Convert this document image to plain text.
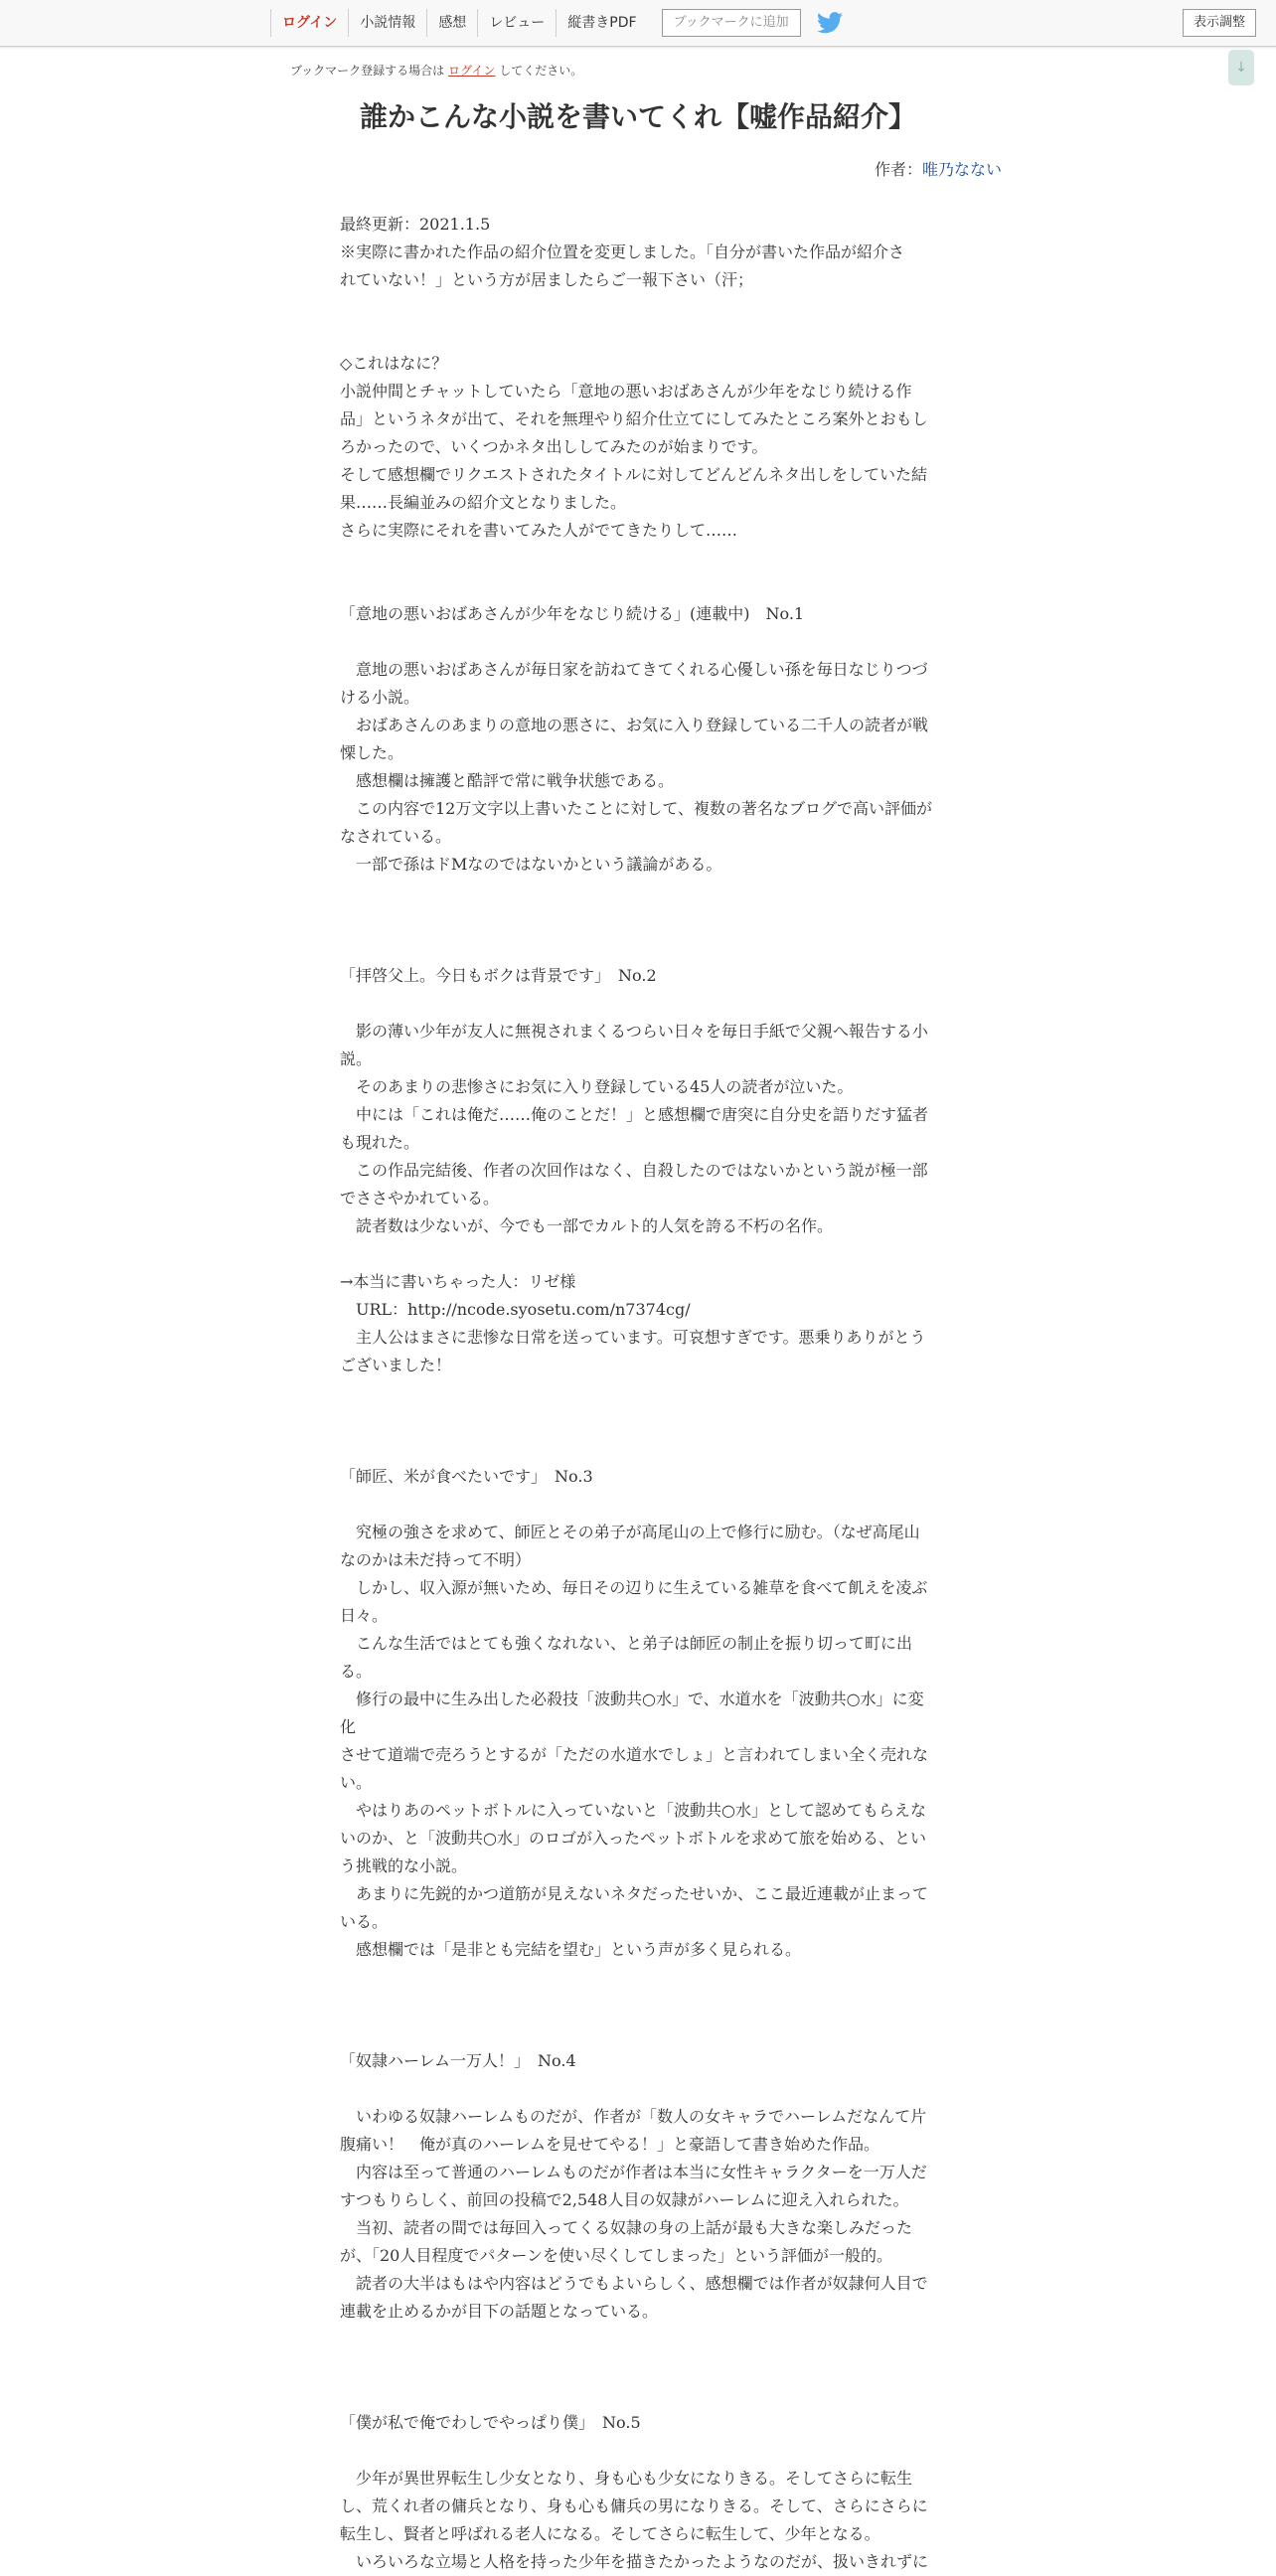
ログイン	小説情報	感想	レビュー	縦書きPDF	ブックマークに追加	表示調整
ブックマーク登録する場合は ログイン してください。	↓
誰かこんな小説を書いてくれ【嘘作品紹介】
作者：唯乃なない

最終更新：2021.1.5

※実際に書かれた作品の紹介位置を変更しました。「自分が書いた作品が紹介さ

れていない！」という方が居ましたらご一報下さい（汗；

◇これはなに？

小説仲間とチャットしていたら「意地の悪いおばあさんが少年をなじり続ける作

品」というネタが出て、それを無理やり紹介仕立てにしてみたところ案外とおもし

ろかったので、いくつかネタ出ししてみたのが始まりです。

そして感想欄でリクエストされたタイトルに対してどんどんネタ出しをしていた結

果……長編並みの紹介文となりました。

さらに実際にそれを書いてみた人がでてきたりして……

「意地の悪いおばあさんが少年をなじり続ける」(連載中)　No.1

　意地の悪いおばあさんが毎日家を訪ねてきてくれる心優しい孫を毎日なじりつづ

ける小説。

　おばあさんのあまりの意地の悪さに、お気に入り登録している二千人の読者が戦

慄した。

　感想欄は擁護と酷評で常に戦争状態である。

　この内容で12万文字以上書いたことに対して、複数の著名なブログで高い評価が

なされている。

　一部で孫はドMなのではないかという議論がある。

「拝啓父上。今日もボクは背景です」　No.2

　影の薄い少年が友人に無視されまくるつらい日々を毎日手紙で父親へ報告する小

説。

　そのあまりの悲惨さにお気に入り登録している45人の読者が泣いた。

　中には「これは俺だ……俺のことだ！」と感想欄で唐突に自分史を語りだす猛者

も現れた。

　この作品完結後、作者の次回作はなく、自殺したのではないかという説が極一部

でささやかれている。

　読者数は少ないが、今でも一部でカルト的人気を誇る不朽の名作。

→本当に書いちゃった人：リゼ様

　URL：http://ncode.syosetu.com/n7374cg/

　主人公はまさに悲惨な日常を送っています。可哀想すぎです。悪乗りありがとう

ございました！

「師匠、米が食べたいです」　No.3

　究極の強さを求めて、師匠とその弟子が高尾山の上で修行に励む。（なぜ高尾山

なのかは未だ持って不明）

　しかし、収入源が無いため、毎日その辺りに生えている雑草を食べて飢えを凌ぶ

日々。

　こんな生活ではとても強くなれない、と弟子は師匠の制止を振り切って町に出

る。

　修行の最中に生み出した必殺技「波動共○水」で、水道水を「波動共○水」に変化

させて道端で売ろうとするが「ただの水道水でしょ」と言われてしまい全く売れな

い。

　やはりあのペットボトルに入っていないと「波動共○水」として認めてもらえな

いのか、と「波動共○水」のロゴが入ったペットボトルを求めて旅を始める、とい

う挑戦的な小説。

　あまりに先鋭的かつ道筋が見えないネタだったせいか、ここ最近連載が止まって

いる。

　感想欄では「是非とも完結を望む」という声が多く見られる。

「奴隷ハーレム一万人！」　No.4

　いわゆる奴隷ハーレムものだが、作者が「数人の女キャラでハーレムだなんて片

腹痛い！　俺が真のハーレムを見せてやる！」と豪語して書き始めた作品。

　内容は至って普通のハーレムものだが作者は本当に女性キャラクターを一万人だ

すつもりらしく、前回の投稿で2,548人目の奴隷がハーレムに迎え入れられた。

　当初、読者の間では毎回入ってくる奴隷の身の上話が最も大きな楽しみだった

が、「20人目程度でパターンを使い尽くしてしまった」という評価が一般的。

　読者の大半はもはや内容はどうでもよいらしく、感想欄では作者が奴隷何人目で

連載を止めるかが目下の話題となっている。

「僕が私で俺でわしでやっぱり僕」　No.5

　少年が異世界転生し少女となり、身も心も少女になりきる。そしてさらに転生

し、荒くれ者の傭兵となり、身も心も傭兵の男になりきる。そして、さらにさらに

転生し、賢者と呼ばれる老人になる。そしてさらに転生して、少年となる。

　いろいろな立場と人格を持った少年を描きたかったようなのだが、扱いきれずに
